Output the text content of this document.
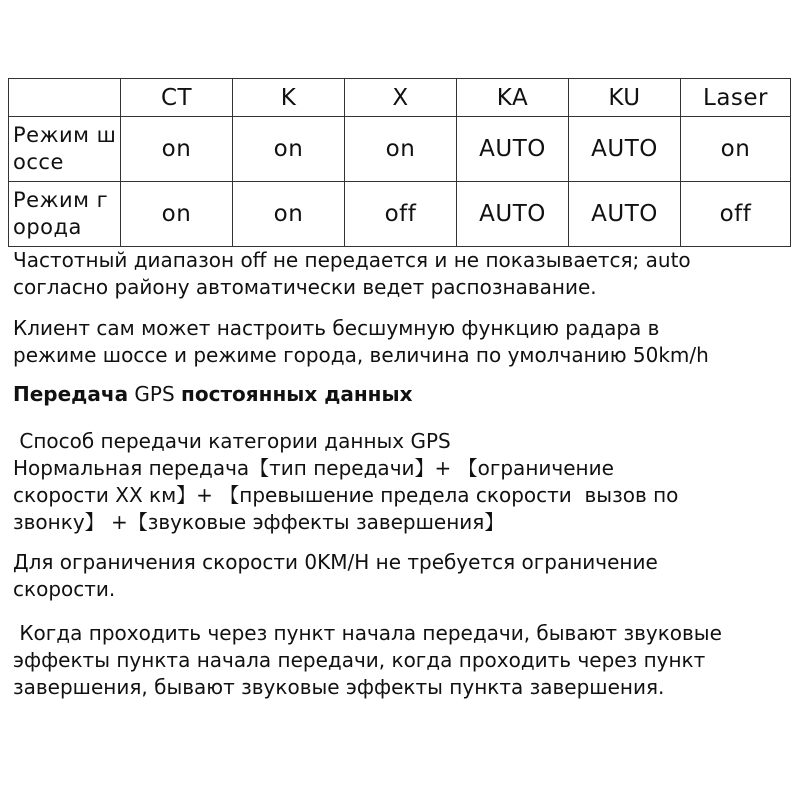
	CT	K	X	KA	KU	Laser
Режим шоссе	on	on	on	AUTO	AUTO	on
Режим города	on	on	off	AUTO	AUTO	off
Частотный диапазон off не передается и не показывается; auto
согласно району автоматически ведет распознавание.
Клиент сам может настроить бесшумную функцию радара в
режиме шоссе и режиме города, величина по умолчанию 50km/h
Передача GPS постоянных данных
Способ передачи категории данных GPS
Нормальная передача【тип передачи】+ 【ограничение
скорости XX км】+ 【превышение предела скорости  вызов по
звонку】 +【звуковые эффекты завершения】
Для ограничения скорости 0KM/H не требуется ограничение
скорости.
Когда проходить через пункт начала передачи, бывают звуковые
эффекты пункта начала передачи, когда проходить через пункт
завершения, бывают звуковые эффекты пункта завершения.
